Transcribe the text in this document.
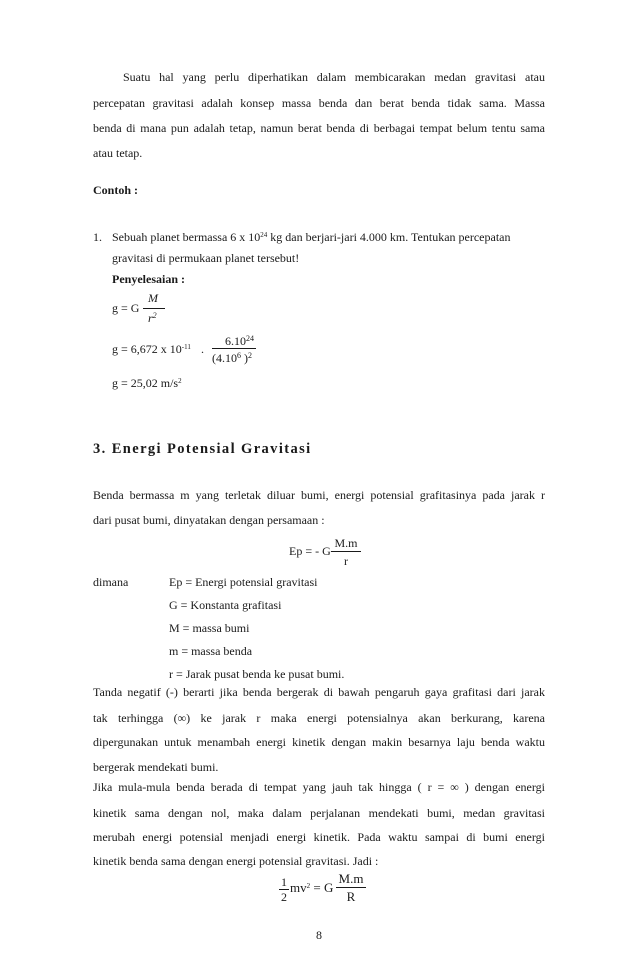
Suatu hal yang perlu diperhatikan dalam membicarakan medan gravitasi atau
percepatan gravitasi adalah konsep massa benda dan berat benda tidak sama. Massa
benda di mana pun adalah tetap, namun berat benda di berbagai tempat belum tentu sama
atau tetap.
Contoh :
1. Sebuah planet bermassa 6 x $10^{24}$ kg dan berjari-jari 4.000 km. Tentukan percepatan
gravitasi di permukaan planet tersebut!
Penyelesaian :
g = G
M
$r^2$
g = 6,672 x $10^{-11}$ .
6.10$^{24}$
(4.10$^6$ )$^2$
g = 25,02 $m/s^2$
3. Energi Potensial Gravitasi
Benda bermassa m yang terletak diluar bumi, energi potensial grafitasinya pada jarak r
dari pusat bumi, dinyatakan dengan persamaan :
Ep = - G
M.m
r
dimana	Ep = Energi potensial gravitasi
G = Konstanta grafitasi
M = massa bumi
m = massa benda
r = Jarak pusat benda ke pusat bumi.
Tanda negatif (-) berarti jika benda bergerak di bawah pengaruh gaya grafitasi dari jarak
tak terhingga (∞) ke jarak r maka energi potensialnya akan berkurang, karena
dipergunakan untuk menambah energi kinetik dengan makin besarnya laju benda waktu
bergerak mendekati bumi.
Jika mula-mula benda berada di tempat yang jauh tak hingga ( r = ∞ ) dengan energi
kinetik sama dengan nol, maka dalam perjalanan mendekati bumi, medan gravitasi
merubah energi potensial menjadi energi kinetik. Pada waktu sampai di bumi energi
kinetik benda sama dengan energi potensial gravitasi. Jadi :
1
2
$mv^2 = G$
M.m
R
8
